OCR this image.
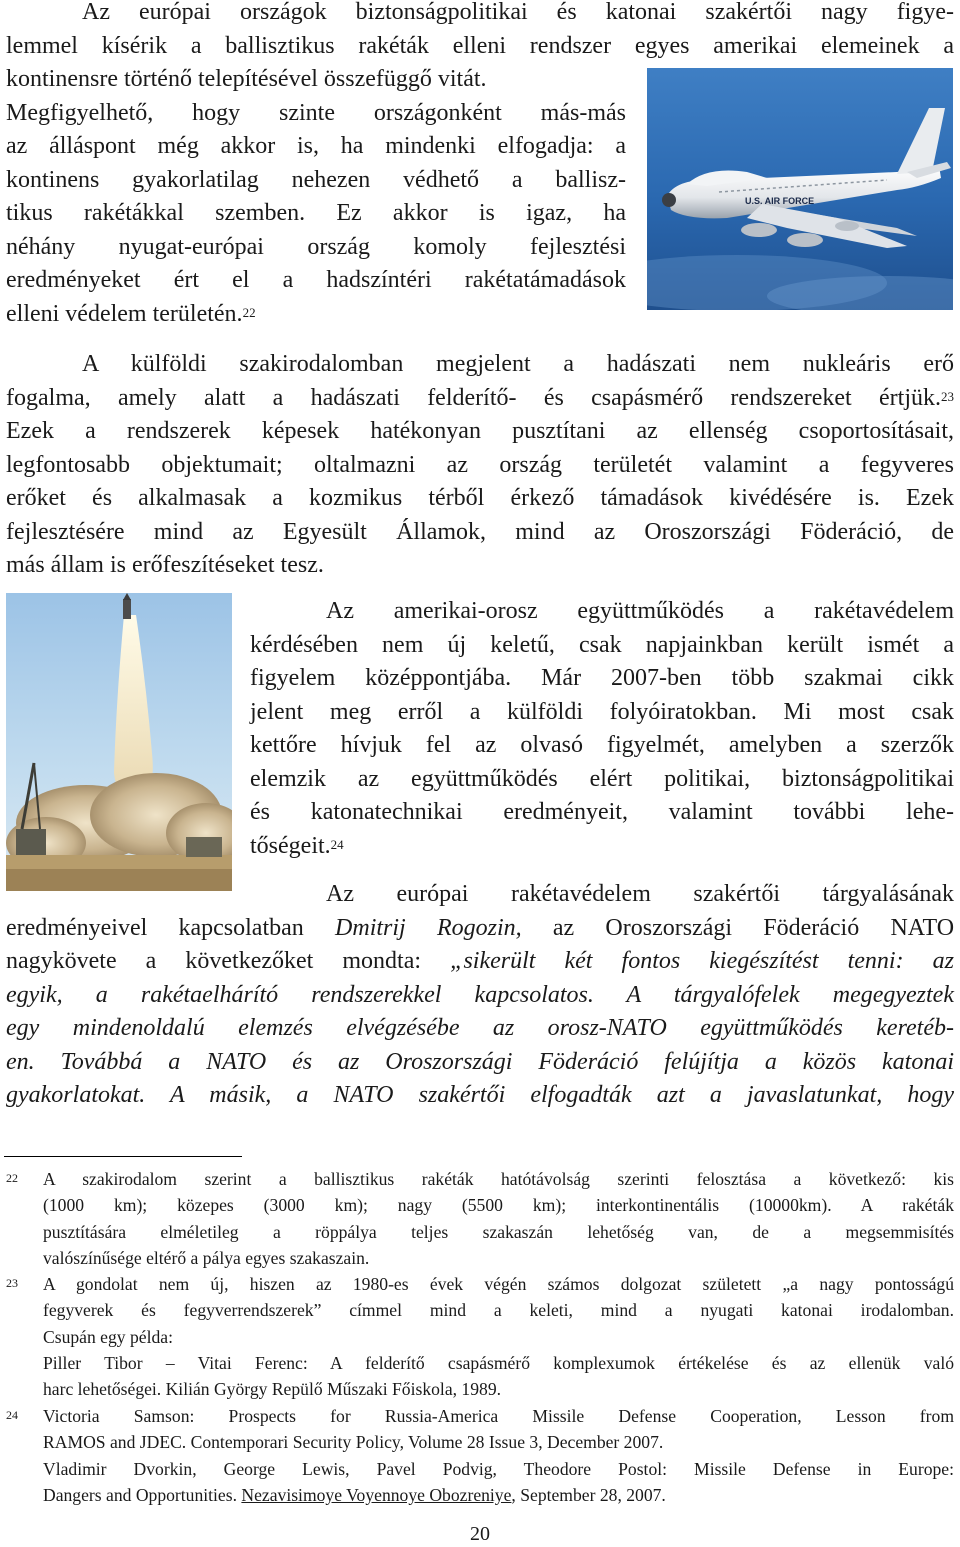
Az európai országok biztonságpolitikai és katonai szakértői nagy figye-
lemmel kísérik a ballisztikus rakéták elleni rendszer egyes amerikai elemeinek a
kontinensre történő telepítésével összefüggő vitát.
Megfigyelhető, hogy szinte országonként más-más
az álláspont még akkor is, ha mindenki elfogadja: a
kontinens gyakorlatilag nehezen védhető a ballisz-
tikus rakétákkal szemben. Ez akkor is igaz, ha
néhány nyugat-európai ország komoly fejlesztési
eredményeket ért el a hadszíntéri rakétatámadások
elleni védelem területén.$^{22}$
U.S. AIR FORCE
A külföldi szakirodalomban megjelent a hadászati nem nukleáris erő
fogalma, amely alatt a hadászati felderítő- és csapásmérő rendszereket értjük.$^{23}$
Ezek a rendszerek képesek hatékonyan pusztítani az ellenség csoportosításait,
legfontosabb objektumait; oltalmazni az ország területét valamint a fegyveres
erőket és alkalmasak a kozmikus térből érkező támadások kivédésére is. Ezek
fejlesztésére mind az Egyesült Államok, mind az Oroszországi Föderáció, de
más állam is erőfeszítéseket tesz.
Az amerikai-orosz együttműködés a rakétavédelem
kérdésében nem új keletű, csak napjainkban került ismét a
figyelem középpontjába. Már 2007-ben több szakmai cikk
jelent meg erről a külföldi folyóiratokban. Mi most csak
kettőre hívjuk fel az olvasó figyelmét, amelyben a szerzők
elemzik az együttműködés elért politikai, biztonságpolitikai
és katonatechnikai eredményeit, valamint további lehe-
tőségeit.$^{24}$
Az európai rakétavédelem szakértői tárgyalásának
eredményeivel kapcsolatban Dmitrij Rogozin, az Oroszországi Föderáció NATO
nagykövete a következőket mondta: „sikerült két fontos kiegészítést tenni: az
egyik, a rakétaelhárító rendszerekkel kapcsolatos. A tárgyalófelek megegyeztek
egy mindenoldalú elemzés elvégzésébe az orosz-NATO együttműködés keretéb-
en. Továbbá a NATO és az Oroszországi Föderáció felújítja a közös katonai
gyakorlatokat. A másik, a NATO szakértői elfogadták azt a javaslatunkat, hogy
22 A szakirodalom szerint a ballisztikus rakéták hatótávolság szerinti felosztása a következő: kis
(1000 km); közepes (3000 km); nagy (5500 km); interkontinentális (10000km). A rakéták
pusztítására elméletileg a röppálya teljes szakaszán lehetőség van, de a megsemmisítés
valószínűsége eltérő a pálya egyes szakaszain.
23 A gondolat nem új, hiszen az 1980-es évek végén számos dolgozat született „a nagy pontosságú
fegyverek és fegyverrendszerek” címmel mind a keleti, mind a nyugati katonai irodalomban.
Csupán egy példa:
Piller Tibor – Vitai Ferenc: A felderítő csapásmérő komplexumok értékelése és az ellenük való
harc lehetőségei. Kilián György Repülő Műszaki Főiskola, 1989.
24 Victoria Samson: Prospects for Russia-America Missile Defense Cooperation, Lesson from
RAMOS and JDEC. Contemporari Security Policy, Volume 28 Issue 3, December 2007.
Vladimir Dvorkin, George Lewis, Pavel Podvig, Theodore Postol: Missile Defense in Europe:
Dangers and Opportunities. Nezavisimoye Voyennoye Obozreniye, September 28, 2007.
20
